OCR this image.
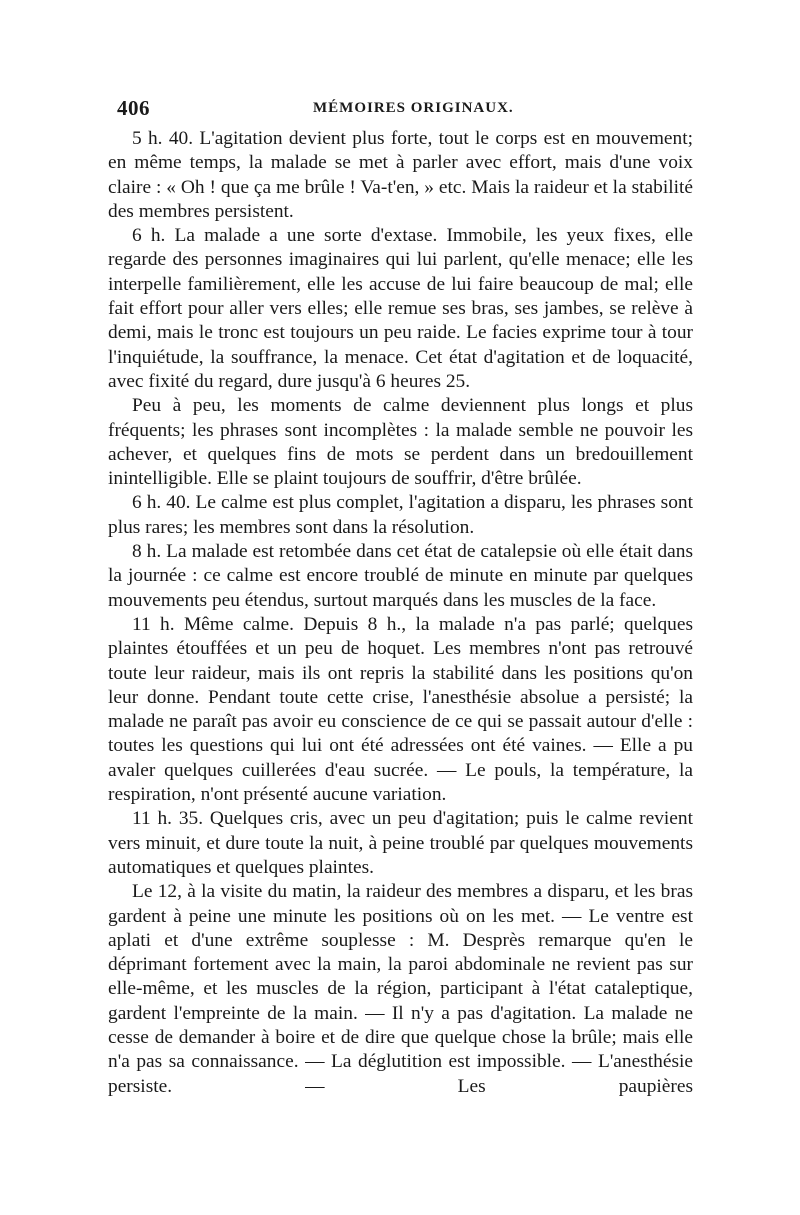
406	MÉMOIRES ORIGINAUX.

5 h. 40. L'agitation devient plus forte, tout le corps est en mouvement; en même temps, la malade se met à parler avec effort, mais d'une voix claire : « Oh ! que ça me brûle ! Va-t'en, » etc. Mais la raideur et la stabilité des membres persistent.

6 h. La malade a une sorte d'extase. Immobile, les yeux fixes, elle regarde des personnes imaginaires qui lui parlent, qu'elle menace; elle les interpelle familièrement, elle les accuse de lui faire beaucoup de mal; elle fait effort pour aller vers elles; elle remue ses bras, ses jambes, se relève à demi, mais le tronc est toujours un peu raide. Le facies exprime tour à tour l'inquiétude, la souffrance, la menace. Cet état d'agitation et de loquacité, avec fixité du regard, dure jusqu'à 6 heures 25.

Peu à peu, les moments de calme deviennent plus longs et plus fréquents; les phrases sont incomplètes : la malade semble ne pouvoir les achever, et quelques fins de mots se perdent dans un bredouillement inintelligible. Elle se plaint toujours de souffrir, d'être brûlée.

6 h. 40. Le calme est plus complet, l'agitation a disparu, les phrases sont plus rares; les membres sont dans la résolution.

8 h. La malade est retombée dans cet état de catalepsie où elle était dans la journée : ce calme est encore troublé de minute en minute par quelques mouvements peu étendus, surtout marqués dans les muscles de la face.

11 h. Même calme. Depuis 8 h., la malade n'a pas parlé; quelques plaintes étouffées et un peu de hoquet. Les membres n'ont pas retrouvé toute leur raideur, mais ils ont repris la stabilité dans les positions qu'on leur donne. Pendant toute cette crise, l'anesthésie absolue a persisté; la malade ne paraît pas avoir eu conscience de ce qui se passait autour d'elle : toutes les questions qui lui ont été adressées ont été vaines. — Elle a pu avaler quelques cuillerées d'eau sucrée. — Le pouls, la température, la respiration, n'ont présenté aucune variation.

11 h. 35. Quelques cris, avec un peu d'agitation; puis le calme revient vers minuit, et dure toute la nuit, à peine troublé par quelques mouvements automatiques et quelques plaintes.

Le 12, à la visite du matin, la raideur des membres a disparu, et les bras gardent à peine une minute les positions où on les met. — Le ventre est aplati et d'une extrême souplesse : M. Desprès remarque qu'en le déprimant fortement avec la main, la paroi abdominale ne revient pas sur elle-même, et les muscles de la région, participant à l'état cataleptique, gardent l'empreinte de la main. — Il n'y a pas d'agitation. La malade ne cesse de demander à boire et de dire que quelque chose la brûle; mais elle n'a pas sa connaissance. — La déglutition est impossible. — L'anesthésie persiste. — Les paupières
